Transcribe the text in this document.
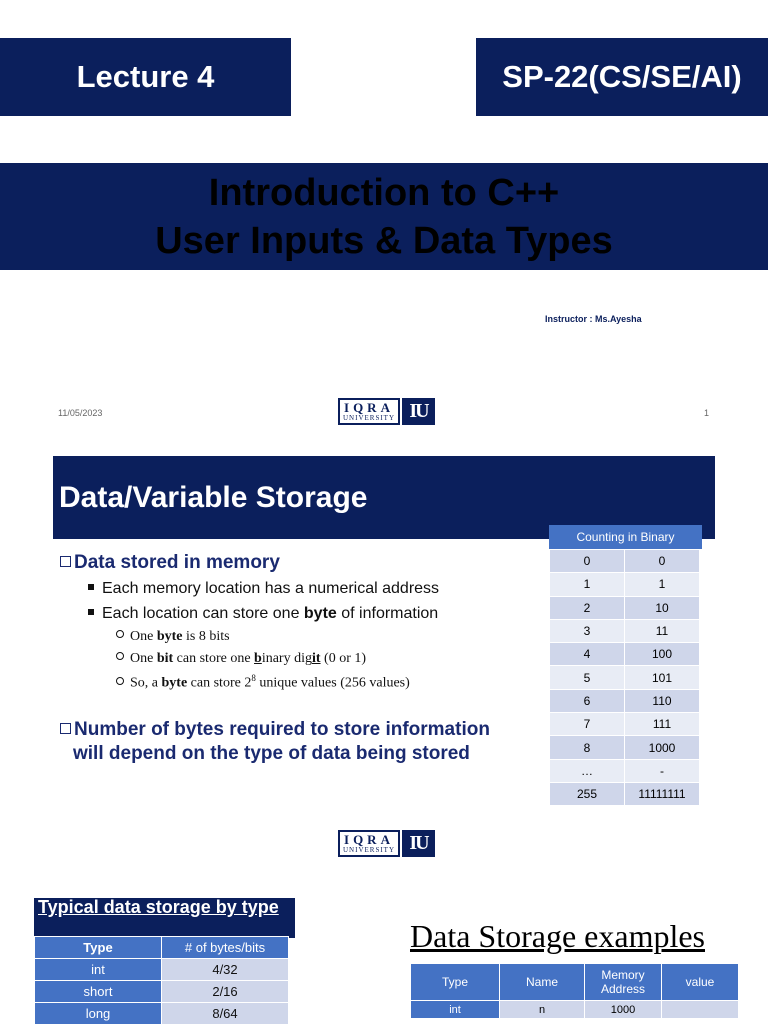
Lecture 4	SP-22(CS/SE/AI)
Introduction to C++
User Inputs & Data Types
Instructor : Ms.Ayesha
11/05/2023	1
IQRA
UNIVERSITY IU
Data/Variable Storage
Data stored in memory
Each memory location has a numerical address
Each location can store one byte of information
One byte is 8 bits
One bit can store one binary digit (0 or 1)
So, a byte can store $2^8$ unique values (256 values)
Number of bytes required to store information
will depend on the type of data being stored
Counting in Binary
0	0
1	1
2	10
3	11
4	100
5	101
6	110
7	111
8	1000
…	-
255	11111111
IQRA
UNIVERSITY IU
Typical data storage by type
Type	# of bytes/bits
int	4/32
short	2/16
long	8/64
Data Storage examples
Type	Name	Memory Address	value
int	n	1000	
